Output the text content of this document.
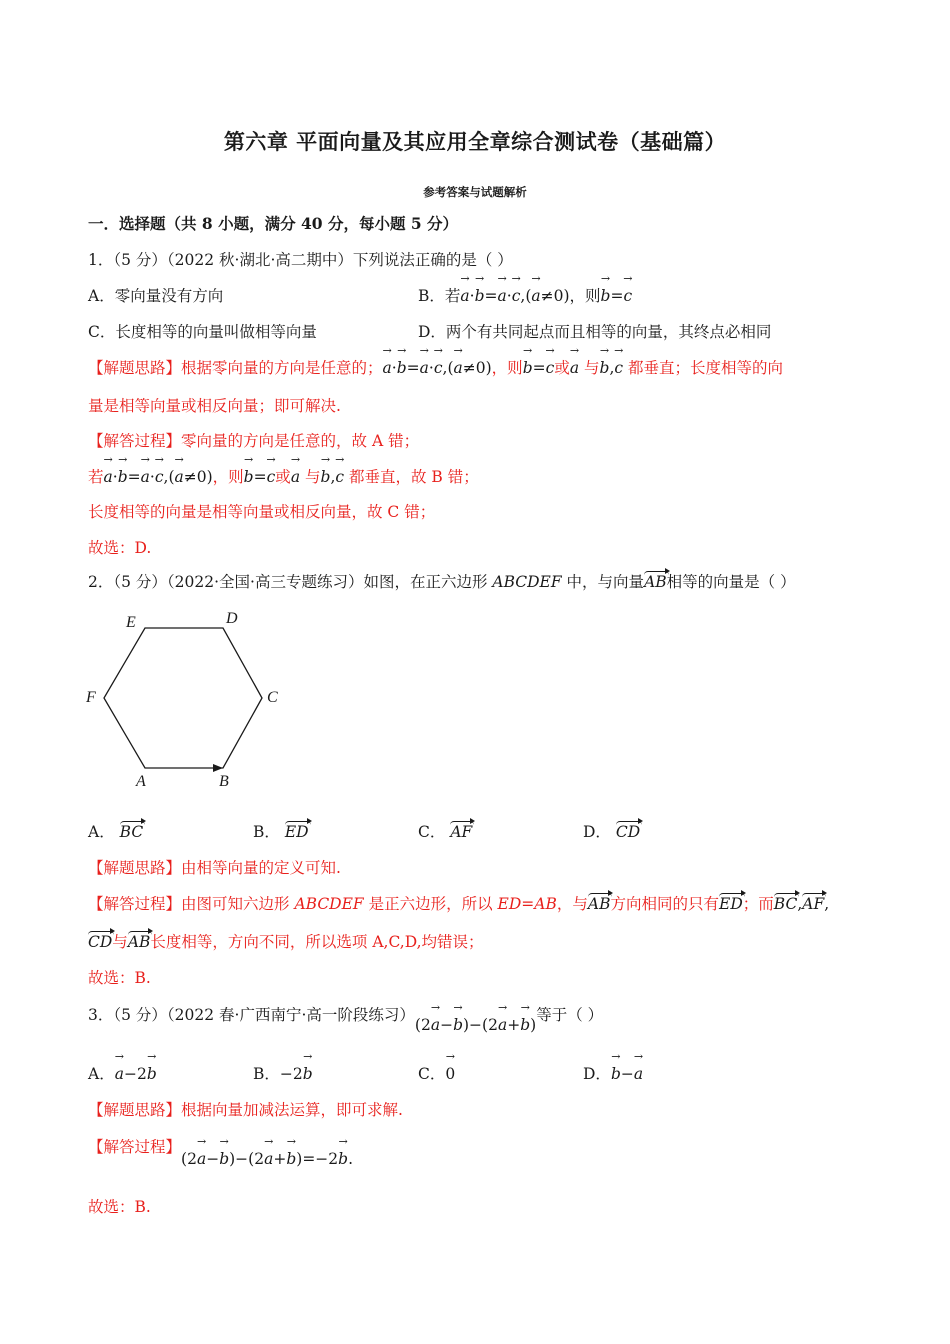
第六章 平面向量及其应用全章综合测试卷（基础篇）
参考答案与试题解析
一．选择题（共 8 小题，满分 40 分，每小题 5 分）
1．（5 分）（2022 秋·湖北·高二期中）下列说法正确的是（ ）
A．零向量没有方向	B．若→ a·→ b=→ a·→ c,(→ a≠0)，则→ b=→ c
C．长度相等的向量叫做相等向量	D．两个有共同起点而且相等的向量，其终点必相同
【解题思路】根据零向量的方向是任意的；→ a·→ b=→ a·→ c,(→ a≠0)，则→ b=→ c或→ a 与→ b,→ c 都垂直；长度相等的向
量是相等向量或相反向量；即可解决.
【解答过程】零向量的方向是任意的，故 A 错；
若→ a·→ b=→ a·→ c,(→ a≠0)，则→ b=→ c或→ a 与→ b,→ c 都垂直，故 B 错；
长度相等的向量是相等向量或相反向量，故 C 错；
故选：D.
2．（5 分）（2022·全国·高三专题练习）如图，在正六边形 ABCDEF 中，与向量AB相等的向量是（ ）
E	D
F	C
A	B
A． BC	B． ED	C． AF	D． CD
【解题思路】由相等向量的定义可知.
【解答过程】由图可知六边形 ABCDEF 是正六边形，所以 ED=AB，与AB方向相同的只有ED；而BC,AF,
CD与AB长度相等，方向不同，所以选项 A,C,D,均错误；
故选：B.
3．（5 分）（2022 春·广西南宁·高一阶段练习）(2→ a−→ b)−(2→ a+→ b)等于（ ）
A．→ a−2→ b	B．−2→ b	C．→ 0	D．→ b−→ a
【解题思路】根据向量加减法运算，即可求解.
【解答过程】(2→ a−→ b)−(2→ a+→ b)=−2→ b.
故选：B.
